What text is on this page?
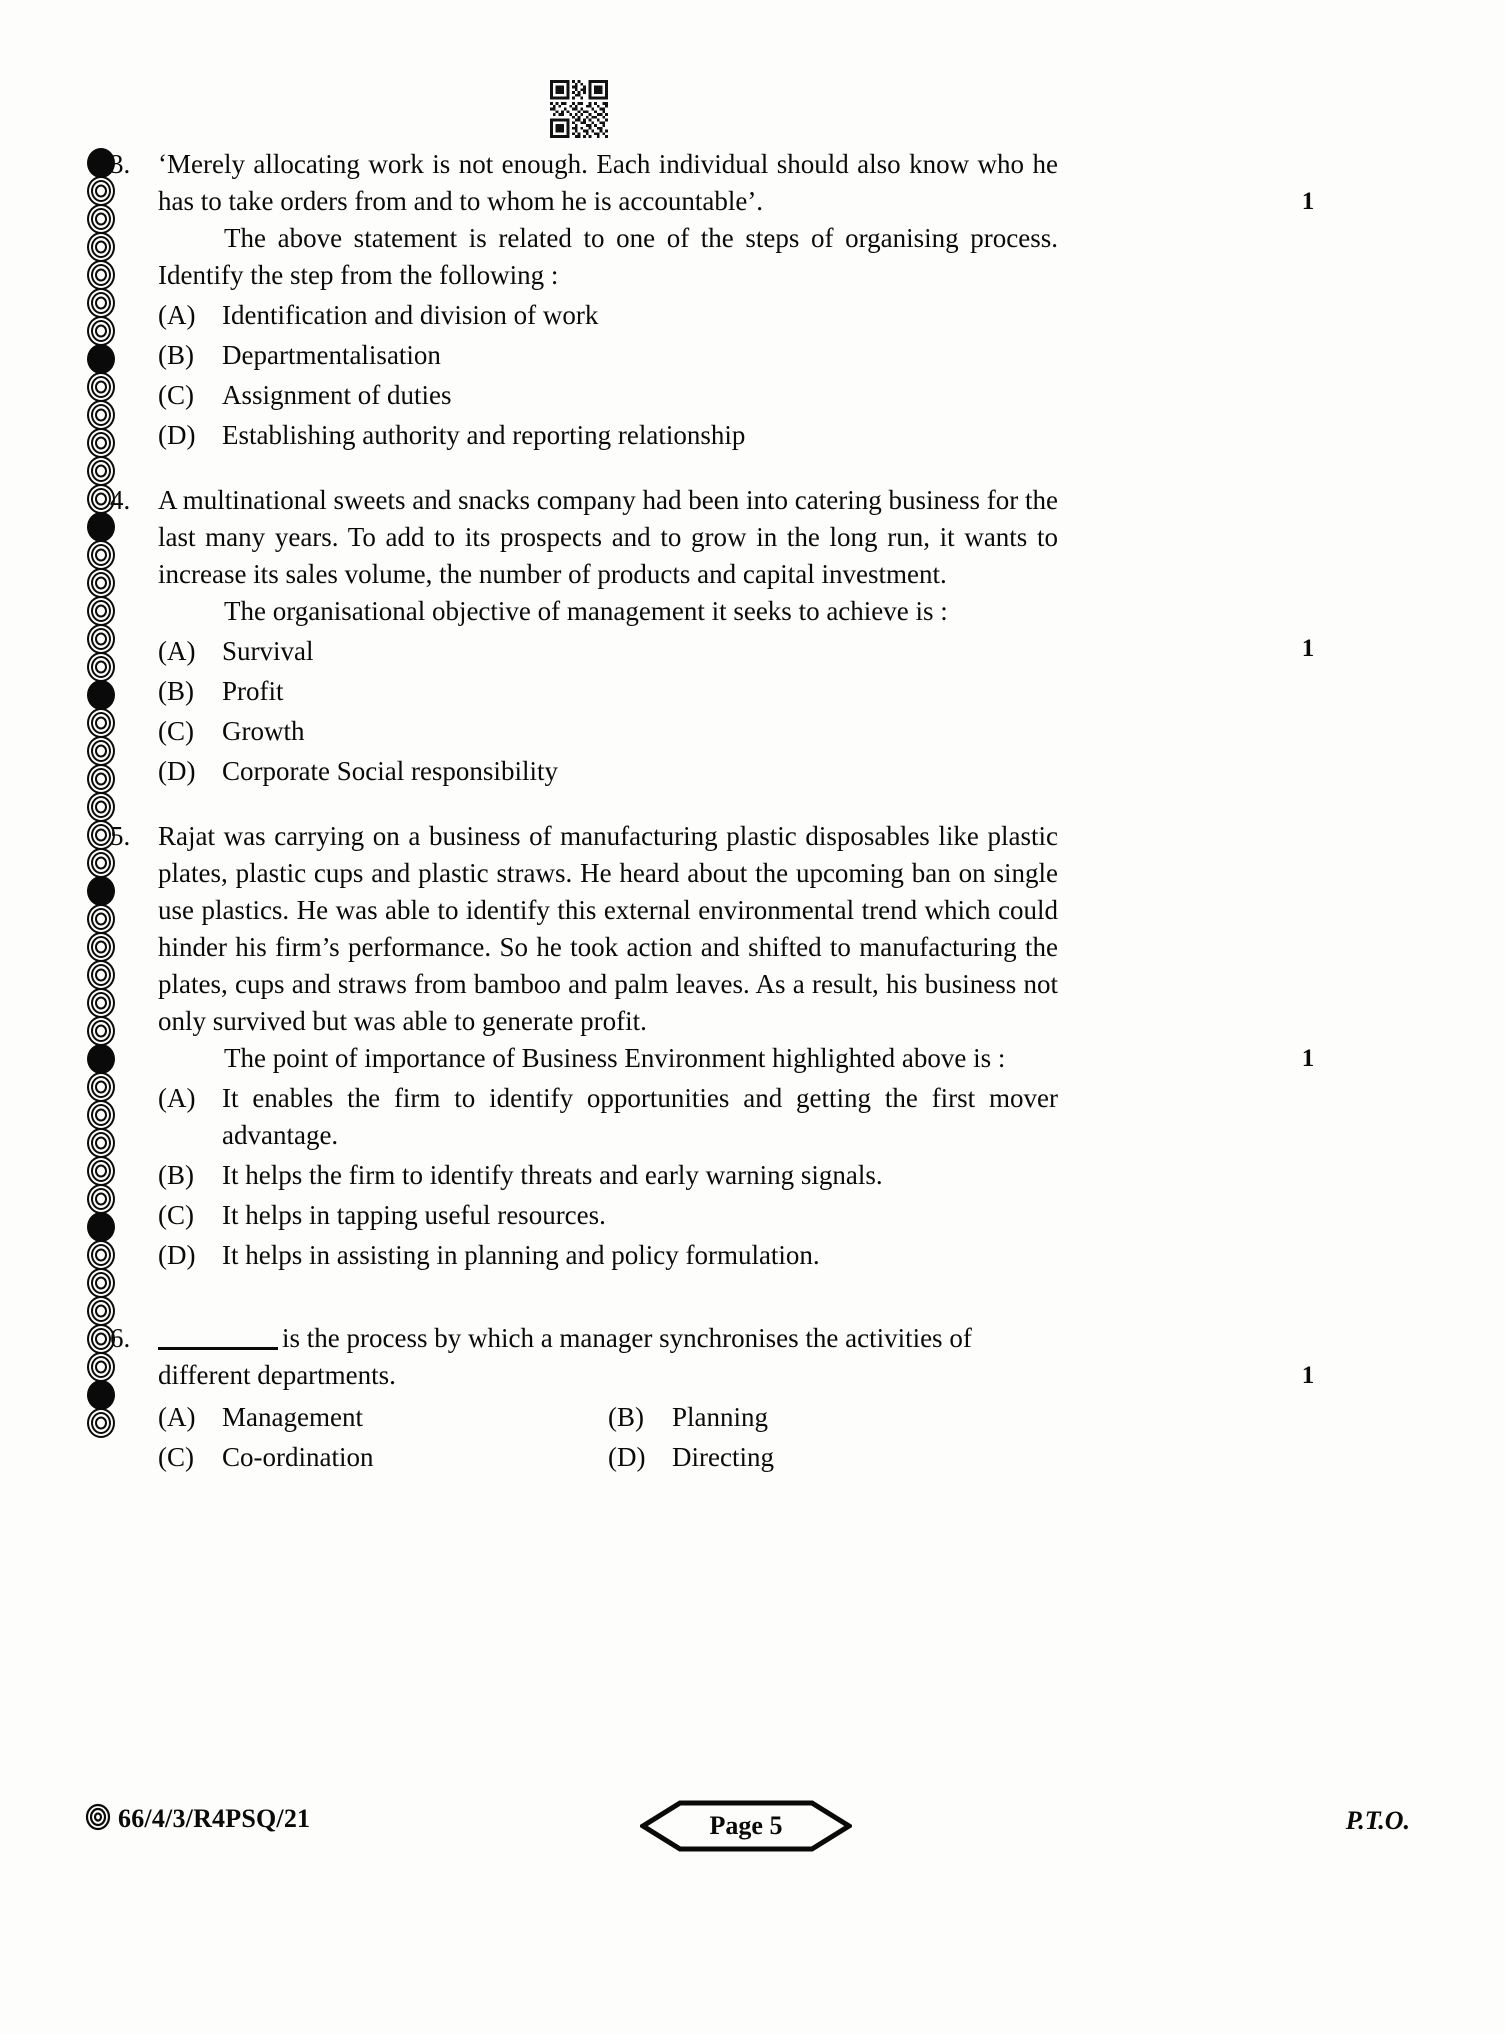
3.	‘Merely allocating work is not enough. Each individual should also know who he has to take orders from and to whom he is accountable’.

The above statement is related to one of the steps of organising process. Identify the step from the following :

(A) Identification and division of work
(B)	Departmentalisation
(C)	Assignment of duties
(D) Establishing authority and reporting relationship
1
4.	A multinational sweets and snacks company had been into catering business for the last many years. To add to its prospects and to grow in the long run, it wants to increase its sales volume, the number of products and capital investment.

The organisational objective of management it seeks to achieve is :

(A) Survival
(B)	Profit
(C)	Growth
(D) Corporate Social responsibility
1
5.	Rajat was carrying on a business of manufacturing plastic disposables like plastic plates, plastic cups and plastic straws. He heard about the upcoming ban on single use plastics. He was able to identify this external environmental trend which could hinder his firm’s performance. So he took action and shifted to manufacturing the plates, cups and straws from bamboo and palm leaves. As a result, his business not only survived but was able to generate profit.

The point of importance of Business Environment highlighted above is :

(A) It enables the firm to identify opportunities and getting the first mover advantage.
(B)	It helps the firm to identify threats and early warning signals.
(C)	It helps in tapping useful resources.
(D) It helps in assisting in planning and policy formulation.
1
6.	is the process by which a manager synchronises the activities of different departments.

(A) Management	(B)	Planning
(C)	Co-ordination	(D) Directing
1
66/4/3/R4PSQ/21	Page 5	P.T.O.
